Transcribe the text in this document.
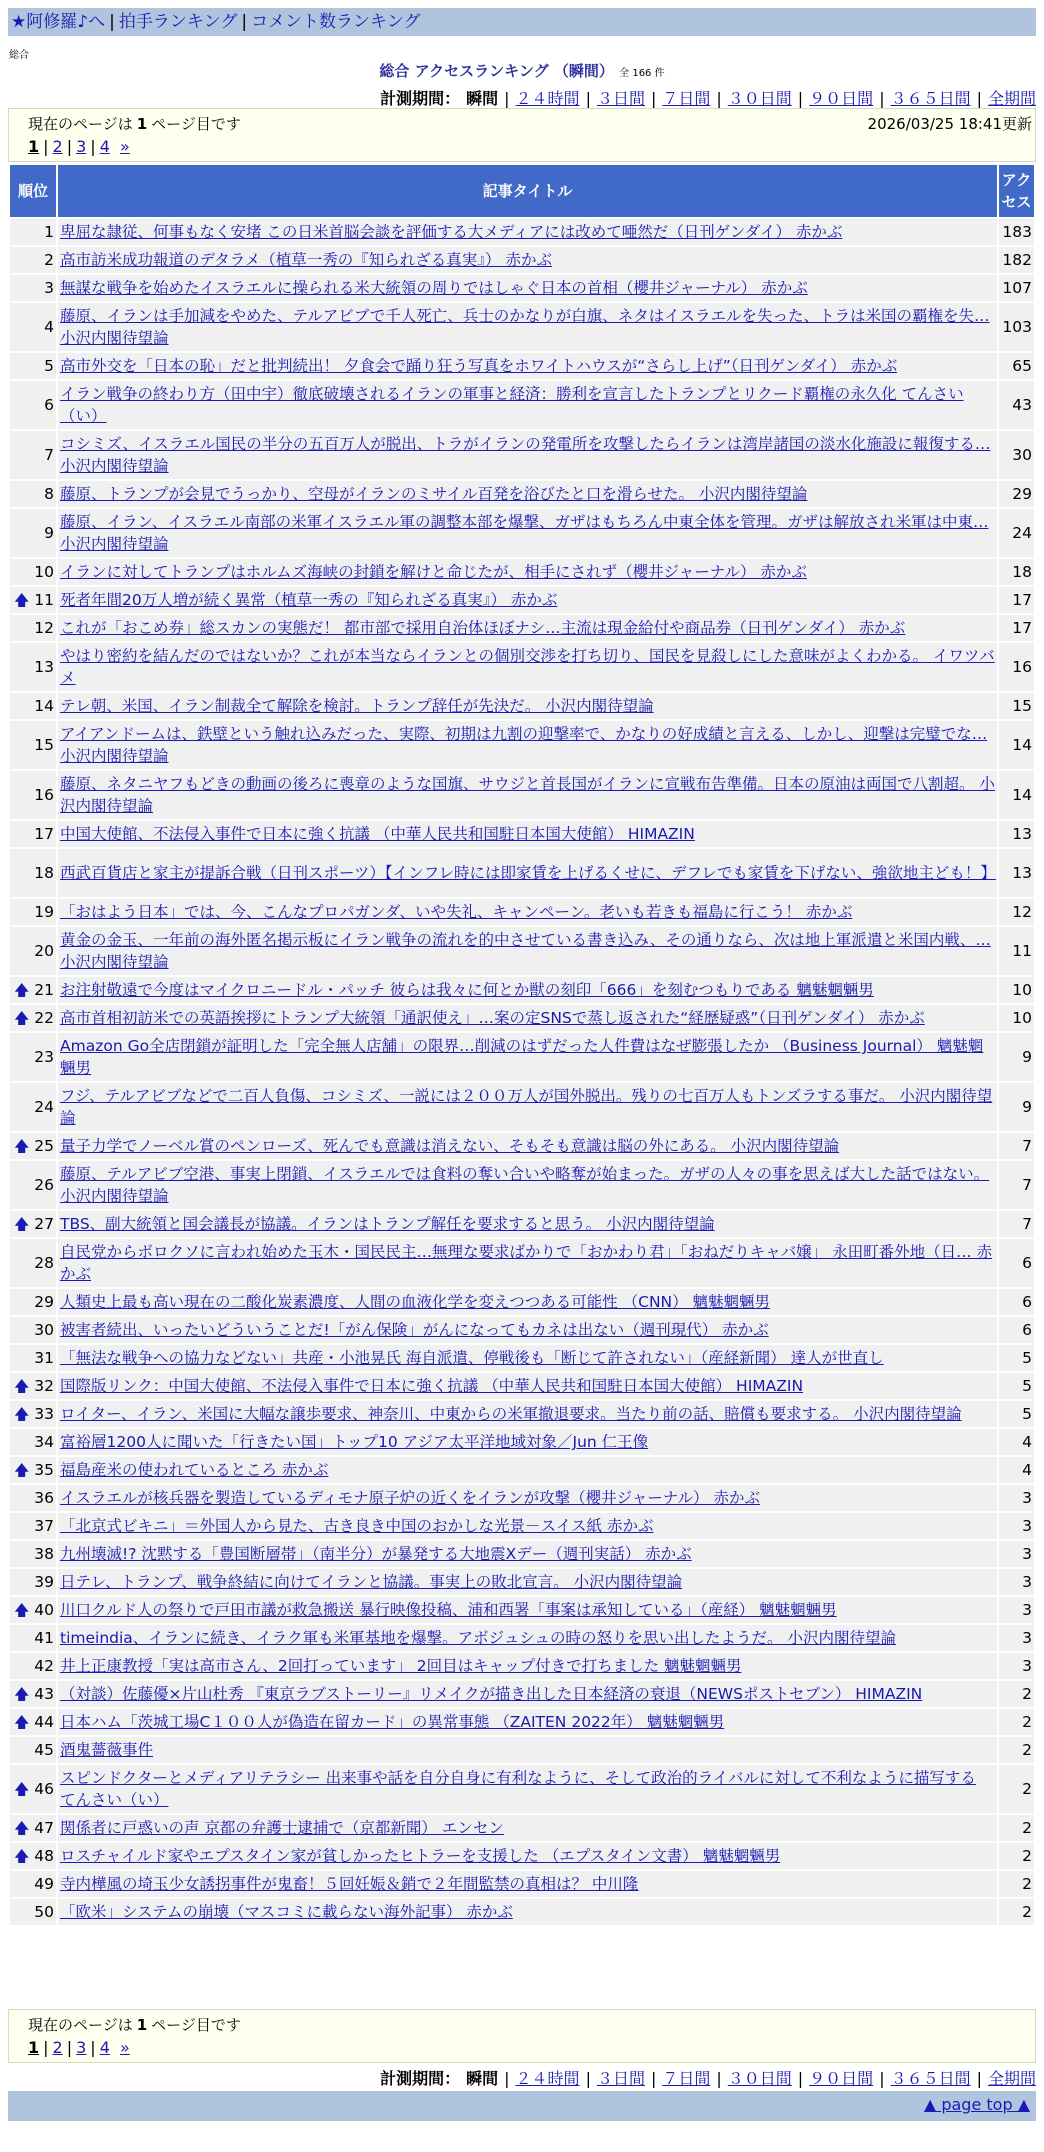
★阿修羅♪へ | 拍手ランキング | コメント数ランキング
総合
総合 アクセスランキング （瞬間） 全 166 件
計測期間： 瞬間 | ２４時間 | ３日間 | ７日間 | ３０日間 | ９０日間 | ３６５日間 | 全期間
現在のページは 1 ページ目です	2026/03/25 18:41更新
1 | 2 | 3 | 4 »
順位	記事タイトル	アクセス
1	卑屈な隷従、何事もなく安堵 この日米首脳会談を評価する大メディアには改めて唖然だ（日刊ゲンダイ） 赤かぶ	183
2	高市訪米成功報道のデタラメ（植草一秀の『知られざる真実』） 赤かぶ	182
3	無謀な戦争を始めたイスラエルに操られる米大統領の周りではしゃぐ日本の首相（櫻井ジャーナル） 赤かぶ	107
4	藤原、イランは手加減をやめた、テルアビブで千人死亡、兵士のかなりが白旗、ネタはイスラエルを失った、トラは米国の覇権を失… 小沢内閣待望論	103
5	高市外交を「日本の恥」だと批判続出！ 夕食会で踊り狂う写真をホワイトハウスが“さらし上げ”（日刊ゲンダイ） 赤かぶ	65
6	イラン戦争の終わり方（田中宇）徹底破壊されるイランの軍事と経済：勝利を宣言したトランプとリクード覇権の永久化 てんさい（い）	43
7	コシミズ、イスラエル国民の半分の五百万人が脱出、トラがイランの発電所を攻撃したらイランは湾岸諸国の淡水化施設に報復する… 小沢内閣待望論	30
8	藤原、トランプが会見でうっかり、空母がイランのミサイル百発を浴びたと口を滑らせた。 小沢内閣待望論	29
9	藤原、イラン、イスラエル南部の米軍イスラエル軍の調整本部を爆撃、ガザはもちろん中東全体を管理。ガザは解放され米軍は中東… 小沢内閣待望論	24
10	イランに対してトランプはホルムズ海峡の封鎖を解けと命じたが、相手にされず（櫻井ジャーナル） 赤かぶ	18

🡅 11	死者年間20万人増が続く異常（植草一秀の『知られざる真実』） 赤かぶ	17
12	これが「おこめ券」総スカンの実態だ！ 都市部で採用自治体ほぼナシ…主流は現金給付や商品券（日刊ゲンダイ） 赤かぶ	17
13	やはり密約を結んだのではないか？これが本当ならイランとの個別交渉を打ち切り、国民を見殺しにした意味がよくわかる。 イワツバメ	16
14	テレ朝、米国、イラン制裁全て解除を検討。トランプ辞任が先決だ。 小沢内閣待望論	15
15	アイアンドームは、鉄壁という触れ込みだった、実際、初期は九割の迎撃率で、かなりの好成績と言える、しかし、迎撃は完璧でな… 小沢内閣待望論	14
16	藤原、ネタニヤフもどきの動画の後ろに喪章のような国旗、サウジと首長国がイランに宣戦布告準備。日本の原油は両国で八割超。 小沢内閣待望論	14
17	中国大使館、不法侵入事件で日本に強く抗議 （中華人民共和国駐日本国大使館） HIMAZIN	13
18	西武百貨店と家主が提訴合戦（日刊スポーツ）【インフレ時には即家賃を上げるくせに、デフレでも家賃を下げない、強欲地主ども！】	13
19	「おはよう日本」では、今、こんなプロパガンダ、いや失礼、キャンペーン。老いも若きも福島に行こう！ 赤かぶ	12
20	黄金の金玉、一年前の海外匿名掲示板にイラン戦争の流れを的中させている書き込み、その通りなら、次は地上軍派遣と米国内戦、… 小沢内閣待望論	11

🡅 21	お注射敬遠で今度はマイクロニードル・パッチ 彼らは我々に何とか獣の刻印「666」を刻むつもりである 魑魅魍魎男	10

🡅 22	高市首相初訪米での英語挨拶にトランプ大統領「通訳使え」…案の定SNSで蒸し返された“経歴疑惑”（日刊ゲンダイ） 赤かぶ	10
23	Amazon Go全店閉鎖が証明した「完全無人店舗」の限界…削減のはずだった人件費はなぜ膨張したか （Business Journal） 魑魅魍魎男	9
24	フジ、テルアビブなどで二百人負傷、コシミズ、一説には２００万人が国外脱出。残りの七百万人もトンズラする事だ。 小沢内閣待望論	9

🡅 25	量子力学でノーベル賞のペンローズ、死んでも意識は消えない、そもそも意識は脳の外にある。 小沢内閣待望論	7
26	藤原、テルアビブ空港、事実上閉鎖、イスラエルでは食料の奪い合いや略奪が始まった。ガザの人々の事を思えば大した話ではない。 小沢内閣待望論	7

🡅 27	TBS、副大統領と国会議長が協議。イランはトランプ解任を要求すると思う。 小沢内閣待望論	7
28	自民党からボロクソに言われ始めた玉木・国民民主…無理な要求ばかりで「おかわり君」「おねだりキャバ嬢」 永田町番外地（日… 赤かぶ	6
29	人類史上最も高い現在の二酸化炭素濃度、人間の血液化学を変えつつある可能性 （CNN） 魑魅魍魎男	6
30	被害者続出、いったいどういうことだ!「がん保険」がんになってもカネは出ない（週刊現代） 赤かぶ	6
31	「無法な戦争への協力などない」共産・小池晃氏 海自派遣、停戦後も「断じて許されない」（産経新聞） 達人が世直し	5

🡅 32	国際版リンク：中国大使館、不法侵入事件で日本に強く抗議 （中華人民共和国駐日本国大使館） HIMAZIN	5

🡅 33	ロイター、イラン、米国に大幅な譲歩要求、神奈川、中東からの米軍撤退要求。当たり前の話、賠償も要求する。 小沢内閣待望論	5
34	富裕層1200人に聞いた「行きたい国」トップ10 アジア太平洋地域対象／Jun 仁王像	4

🡅 35	福島産米の使われているところ 赤かぶ	4
36	イスラエルが核兵器を製造しているディモナ原子炉の近くをイランが攻撃（櫻井ジャーナル） 赤かぶ	3
37	「北京式ビキニ」＝外国人から見た、古き良き中国のおかしな光景－スイス紙 赤かぶ	3
38	九州壊滅!? 沈黙する「豊国断層帯」（南半分）が暴発する大地震Xデー（週刊実話） 赤かぶ	3
39	日テレ、トランプ、戦争終結に向けてイランと協議。事実上の敗北宣言。 小沢内閣待望論	3

🡅 40	川口クルド人の祭りで戸田市議が救急搬送 暴行映像投稿、浦和西署「事案は承知している」（産経） 魑魅魍魎男	3
41	timeindia、イランに続き、イラク軍も米軍基地を爆撃。アボジュシュの時の怒りを思い出したようだ。 小沢内閣待望論	3
42	井上正康教授「実は高市さん、2回打っています」 2回目はキャップ付きで打ちました 魑魅魍魎男	3

🡅 43	（対談）佐藤優×片山杜秀 『東京ラブストーリー』リメイクが描き出した日本経済の衰退（NEWSポストセブン） HIMAZIN	2

🡅 44	日本ハム「茨城工場C１００人が偽造在留カード」の異常事態 （ZAITEN 2022年） 魑魅魍魎男	2
45	酒鬼薔薇事件	2

🡅 46	スピンドクターとメディアリテラシー 出来事や話を自分自身に有利なように、そして政治的ライバルに対して不利なように描写する てんさい（い）	2

🡅 47	関係者に戸惑いの声 京都の弁護士逮捕で（京都新聞） エンセン	2

🡅 48	ロスチャイルド家やエプスタイン家が貧しかったヒトラーを支援した （エプスタイン文書） 魑魅魍魎男	2
49	寺内樺風の埼玉少女誘拐事件が鬼畜！５回妊娠＆銷で２年間監禁の真相は？ 中川隆	2
50	「欧米」システムの崩壊（マスコミに載らない海外記事） 赤かぶ	2
現在のページは 1 ページ目です
1 | 2 | 3 | 4 »
計測期間： 瞬間 | ２４時間 | ３日間 | ７日間 | ３０日間 | ９０日間 | ３６５日間 | 全期間
▲ page top ▲
